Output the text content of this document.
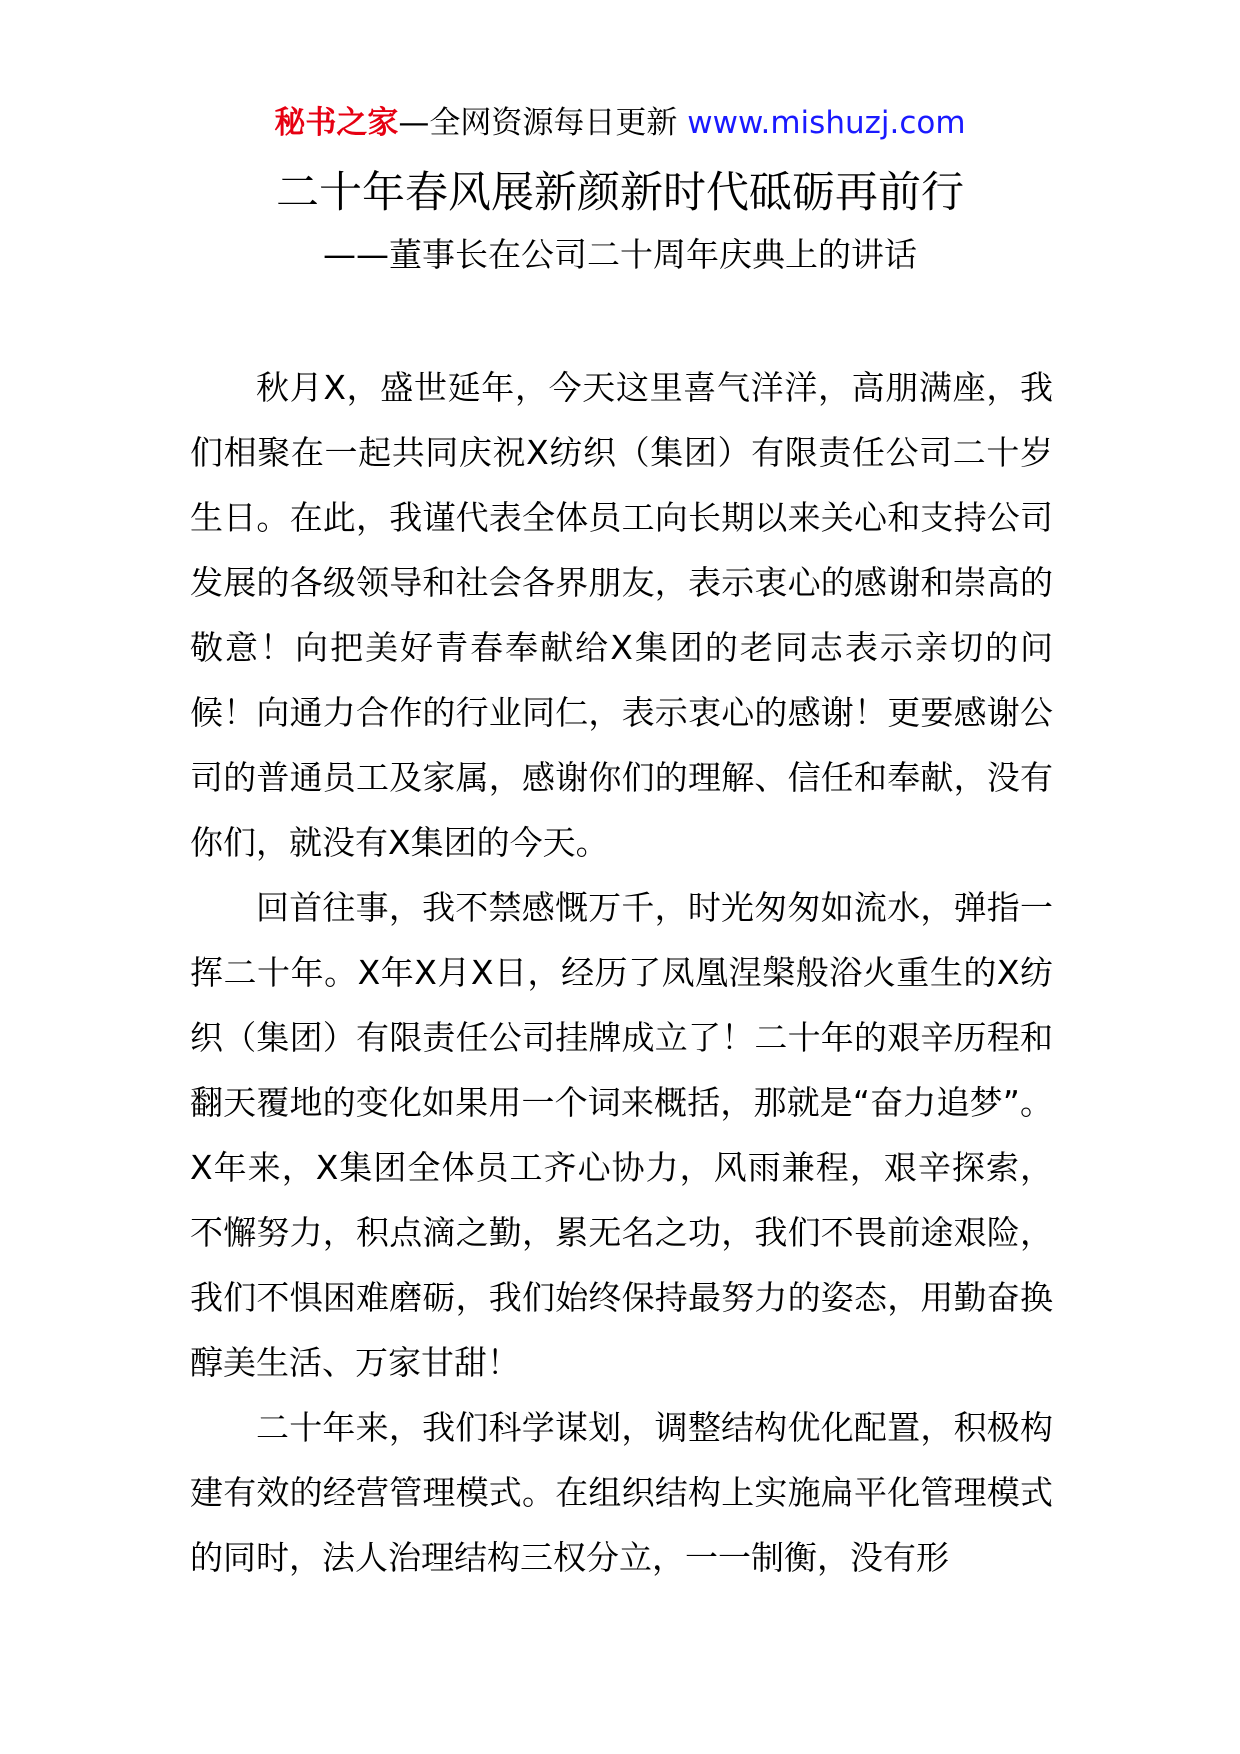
秘书之家—全网资源每日更新 www.mishuzj.com
二十年春风展新颜新时代砥砺再前行
——董事长在公司二十周年庆典上的讲话

秋月X，盛世延年，今天这里喜气洋洋，高朋满座，我们相聚在一起共同庆祝X纺织（集团）有限责任公司二十岁生日。在此，我谨代表全体员工向长期以来关心和支持公司发展的各级领导和社会各界朋友，表示衷心的感谢和崇高的敬意！向把美好青春奉献给X集团的老同志表示亲切的问候！向通力合作的行业同仁，表示衷心的感谢！更要感谢公司的普通员工及家属，感谢你们的理解、信任和奉献，没有你们，就没有X集团的今天。

回首往事，我不禁感慨万千，时光匆匆如流水，弹指一挥二十年。X年X月X日，经历了凤凰涅槃般浴火重生的X纺织（集团）有限责任公司挂牌成立了！二十年的艰辛历程和翻天覆地的变化如果用一个词来概括，那就是“奋力追梦”。X年来，X集团全体员工齐心协力，风雨兼程，艰辛探索，不懈努力，积点滴之勤，累无名之功，我们不畏前途艰险，我们不惧困难磨砺，我们始终保持最努力的姿态，用勤奋换醇美生活、万家甘甜！

二十年来，我们科学谋划，调整结构优化配置，积极构建有效的经营管理模式。在组织结构上实施扁平化管理模式的同时，法人治理结构三权分立，一一制衡，没有形
